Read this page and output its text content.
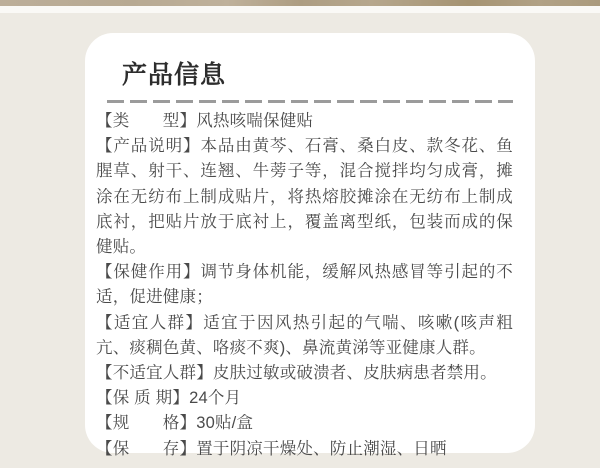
产品信息

【类　　型】风热咳喘保健贴

【产品说明】本品由黄芩、石膏、桑白皮、款冬花、鱼腥草、射干、连翘、牛蒡子等，混合搅拌均匀成膏，摊涂在无纺布上制成贴片，将热熔胶摊涂在无纺布上制成底衬，把贴片放于底衬上，覆盖离型纸，包装而成的保健贴。

【保健作用】调节身体机能，缓解风热感冒等引起的不适，促进健康；

【适宜人群】适宜于因风热引起的气喘、咳嗽(咳声粗亢、痰稠色黄、咯痰不爽)、鼻流黄涕等亚健康人群。

【不适宜人群】皮肤过敏或破溃者、皮肤病患者禁用。

【保 质 期】24个月

【规　　格】30贴/盒

【保　　存】置于阴凉干燥处、防止潮湿、日晒
